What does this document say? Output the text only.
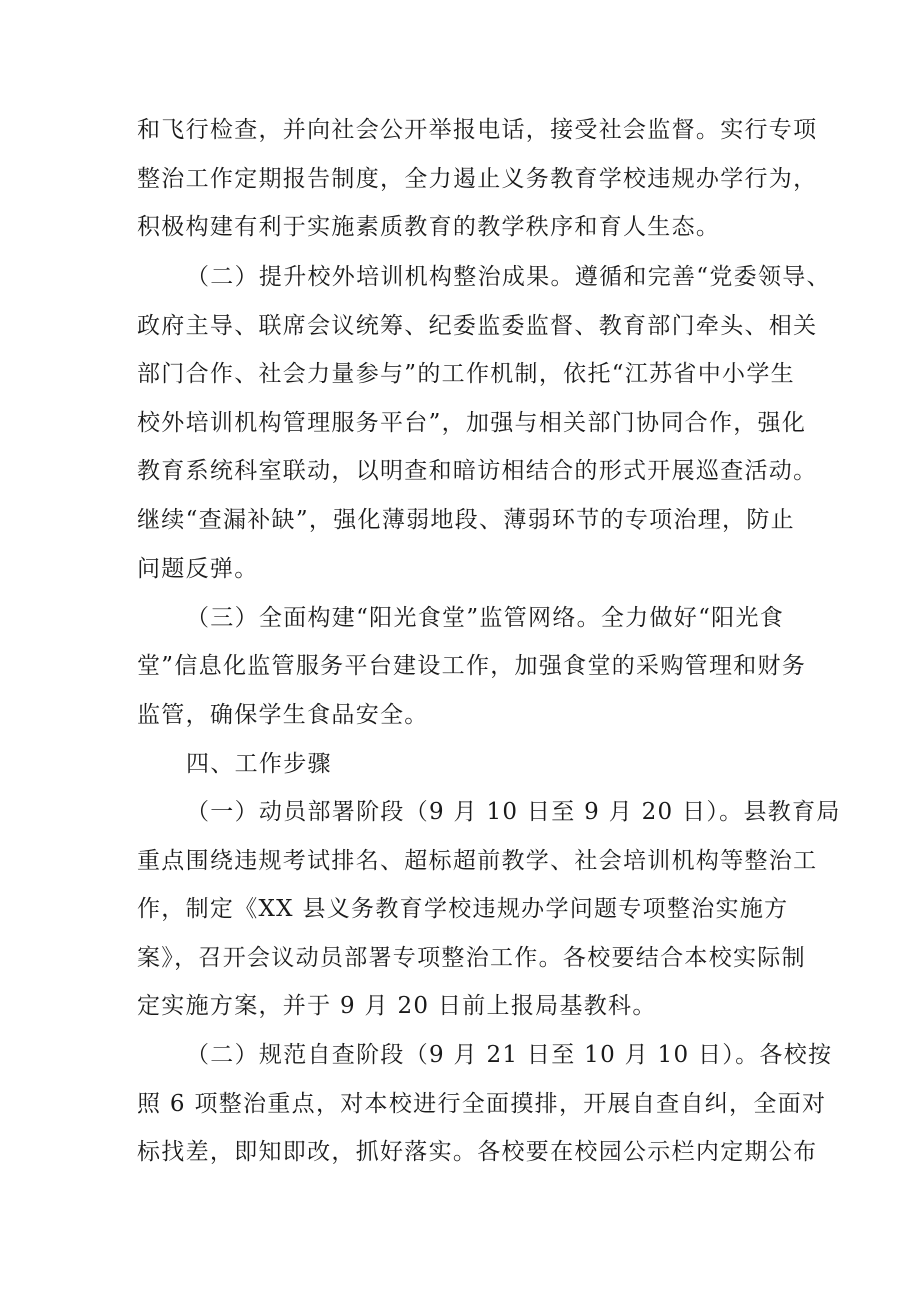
和飞行检查，并向社会公开举报电话，接受社会监督。实行专项
整治工作定期报告制度，全力遏止义务教育学校违规办学行为，
积极构建有利于实施素质教育的教学秩序和育人生态。
（二）提升校外培训机构整治成果。遵循和完善“党委领导、
政府主导、联席会议统筹、纪委监委监督、教育部门牵头、相关
部门合作、社会力量参与”的工作机制，依托“江苏省中小学生
校外培训机构管理服务平台”，加强与相关部门协同合作，强化
教育系统科室联动，以明查和暗访相结合的形式开展巡查活动。
继续“查漏补缺”，强化薄弱地段、薄弱环节的专项治理，防止
问题反弹。
（三）全面构建“阳光食堂”监管网络。全力做好“阳光食
堂”信息化监管服务平台建设工作，加强食堂的采购管理和财务
监管，确保学生食品安全。
四、工作步骤
（一）动员部署阶段（9 月 10 日至 9 月 20 日）。县教育局
重点围绕违规考试排名、超标超前教学、社会培训机构等整治工
作，制定《XX 县义务教育学校违规办学问题专项整治实施方
案》，召开会议动员部署专项整治工作。各校要结合本校实际制
定实施方案，并于 9 月 20 日前上报局基教科。
（二）规范自查阶段（9 月 21 日至 10 月 10 日）。各校按
照 6 项整治重点，对本校进行全面摸排，开展自查自纠，全面对
标找差，即知即改，抓好落实。各校要在校园公示栏内定期公布
